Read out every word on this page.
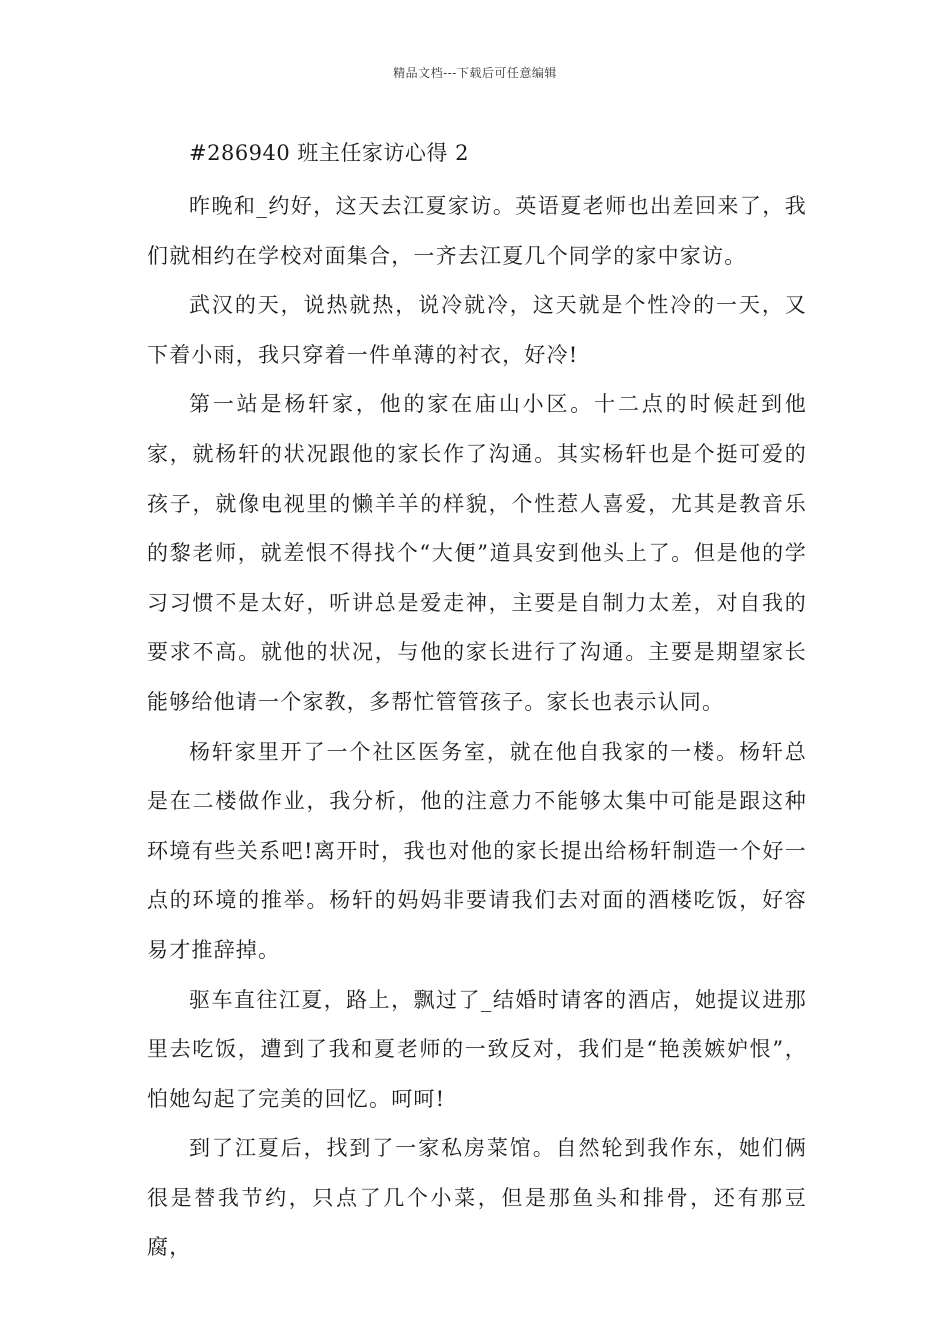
精品文档---下载后可任意编辑
#286940 班主任家访心得 2

昨晚和_约好，这天去江夏家访。英语夏老师也出差回来了，我们就相约在学校对面集合，一齐去江夏几个同学的家中家访。

武汉的天，说热就热，说冷就冷，这天就是个性冷的一天，又下着小雨，我只穿着一件单薄的衬衣，好冷!

第一站是杨轩家，他的家在庙山小区。十二点的时候赶到他家，就杨轩的状况跟他的家长作了沟通。其实杨轩也是个挺可爱的孩子，就像电视里的懒羊羊的样貌，个性惹人喜爱，尤其是教音乐的黎老师，就差恨不得找个“大便”道具安到他头上了。但是他的学习习惯不是太好，听讲总是爱走神，主要是自制力太差，对自我的要求不高。就他的状况，与他的家长进行了沟通。主要是期望家长能够给他请一个家教，多帮忙管管孩子。家长也表示认同。

杨轩家里开了一个社区医务室，就在他自我家的一楼。杨轩总是在二楼做作业，我分析，他的注意力不能够太集中可能是跟这种环境有些关系吧!离开时，我也对他的家长提出给杨轩制造一个好一点的环境的推举。杨轩的妈妈非要请我们去对面的酒楼吃饭，好容易才推辞掉。

驱车直往江夏，路上，飘过了_结婚时请客的酒店，她提议进那里去吃饭，遭到了我和夏老师的一致反对，我们是“艳羡嫉妒恨”，怕她勾起了完美的回忆。呵呵!

到了江夏后，找到了一家私房菜馆。自然轮到我作东，她们俩很是替我节约，只点了几个小菜，但是那鱼头和排骨，还有那豆腐，
